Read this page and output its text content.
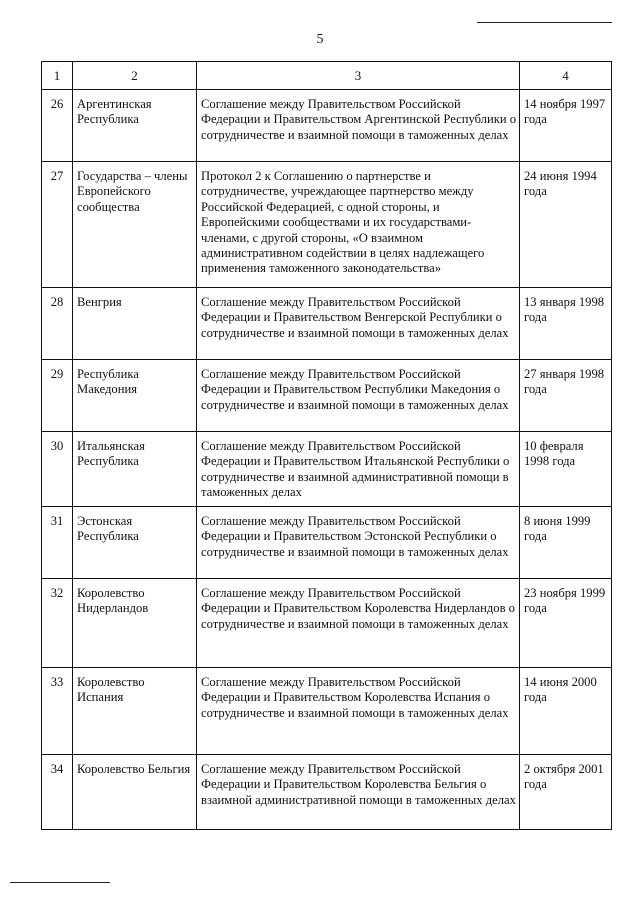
5
1	2	3	4
26	Аргентинская Республика	Соглашение между Правительством Российской Федерации и Правительством Аргентинской Республики о сотрудничестве и взаимной помощи в таможенных делах	14 ноября 1997 года
27	Государства – члены Европейского сообщества	Протокол 2 к Соглашению о партнерстве и сотрудничестве, учреждающее партнерство между Российской Федерацией, с одной стороны, и Европейскими сообществами и их государствами-членами, с другой стороны, «О взаимном административном содействии в целях надлежащего применения таможенного законодательства»	24 июня 1994 года
28	Венгрия	Соглашение между Правительством Российской Федерации и Правительством Венгерской Республики о сотрудничестве и взаимной помощи в таможенных делах	13 января 1998 года
29	Республика Македония	Соглашение между Правительством Российской Федерации и Правительством Республики Македония о сотрудничестве и взаимной помощи в таможенных делах	27 января 1998 года
30	Итальянская Республика	Соглашение между Правительством Российской Федерации и Правительством Итальянской Республики о сотрудничестве и взаимной административной помощи в таможенных делах	10 февраля 1998 года
31	Эстонская Республика	Соглашение между Правительством Российской Федерации и Правительством Эстонской Республики о сотрудничестве и взаимной помощи в таможенных делах	8 июня 1999 года
32	Королевство Нидерландов	Соглашение между Правительством Российской Федерации и Правительством Королевства Нидерландов о сотрудничестве и взаимной помощи в таможенных делах	23 ноября 1999 года
33	Королевство Испания	Соглашение между Правительством Российской Федерации и Правительством Королевства Испания о сотрудничестве и взаимной помощи в таможенных делах	14 июня 2000 года
34	Королевство Бельгия	Соглашение между Правительством Российской Федерации и Правительством Королевства Бельгия о взаимной административной помощи в таможенных делах	2 октября 2001 года
